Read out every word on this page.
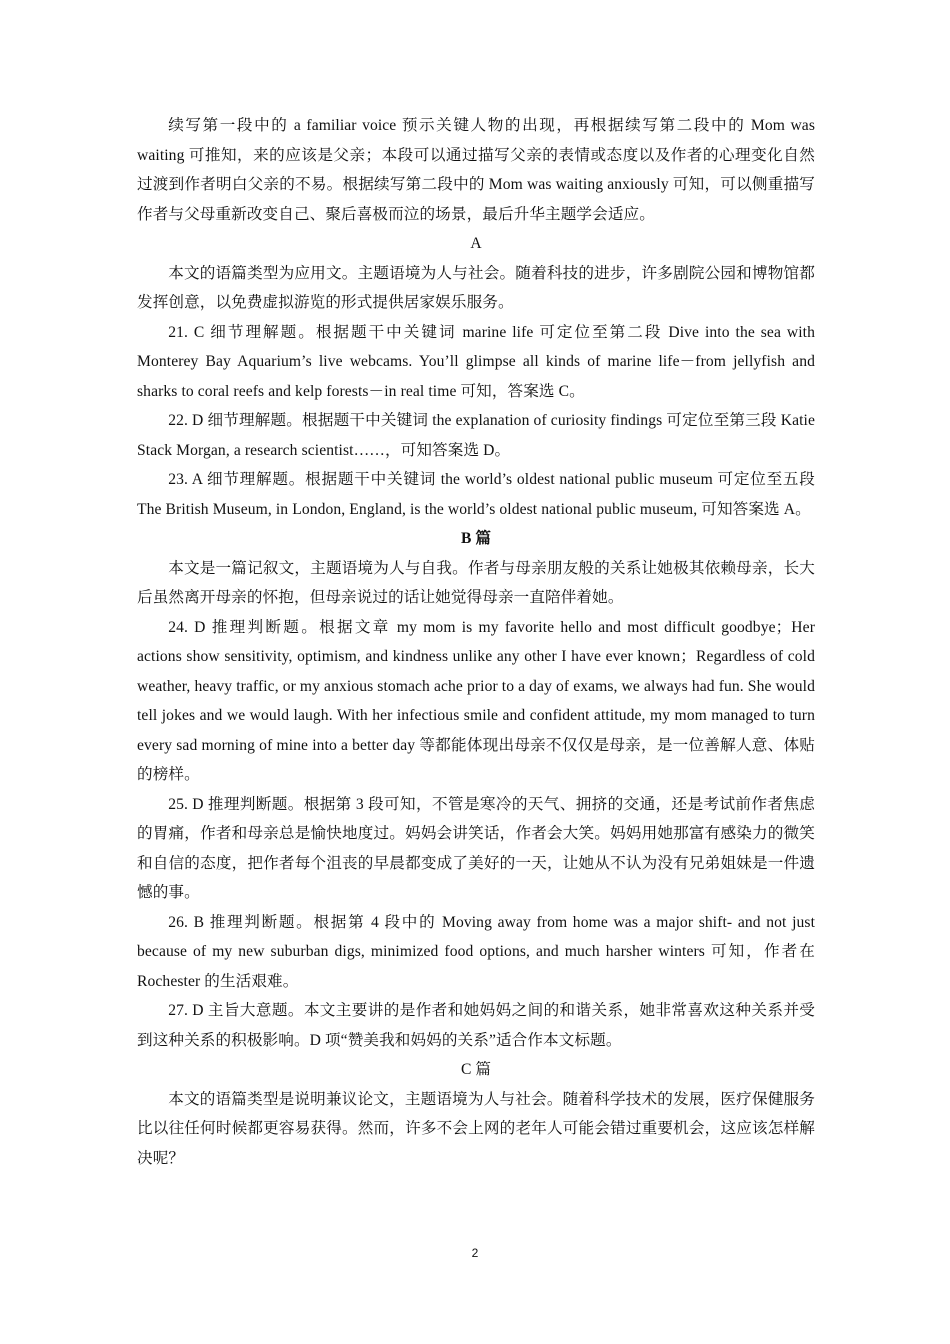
续写第一段中的 a familiar voice 预示关键人物的出现，再根据续写第二段中的 Mom was waiting 可推知，来的应该是父亲；本段可以通过描写父亲的表情或态度以及作者的心理变化自然过渡到作者明白父亲的不易。根据续写第二段中的 Mom was waiting anxiously 可知，可以侧重描写作者与父母重新改变自己、聚后喜极而泣的场景，最后升华主题学会适应。

A

本文的语篇类型为应用文。主题语境为人与社会。随着科技的进步，许多剧院公园和博物馆都发挥创意，以免费虚拟游览的形式提供居家娱乐服务。

21. C 细节理解题。根据题干中关键词 marine life 可定位至第二段 Dive into the sea with Monterey Bay Aquarium’s live webcams. You’ll glimpse all kinds of marine life－from jellyfish and sharks to coral reefs and kelp forests－in real time 可知，答案选 C。

22. D 细节理解题。根据题干中关键词 the explanation of curiosity findings 可定位至第三段 Katie Stack Morgan, a research scientist……，可知答案选 D。

23. A 细节理解题。根据题干中关键词 the world’s oldest national public museum 可定位至五段 The British Museum, in London, England, is the world’s oldest national public museum, 可知答案选 A。

B 篇

本文是一篇记叙文，主题语境为人与自我。作者与母亲朋友般的关系让她极其依赖母亲，长大后虽然离开母亲的怀抱，但母亲说过的话让她觉得母亲一直陪伴着她。

24. D 推理判断题。根据文章 my mom is my favorite hello and most difficult goodbye；Her actions show sensitivity, optimism, and kindness unlike any other I have ever known；Regardless of cold weather, heavy traffic, or my anxious stomach ache prior to a day of exams, we always had fun. She would tell jokes and we would laugh. With her infectious smile and confident attitude, my mom managed to turn every sad morning of mine into a better day 等都能体现出母亲不仅仅是母亲，是一位善解人意、体贴的榜样。

25. D 推理判断题。根据第 3 段可知，不管是寒冷的天气、拥挤的交通，还是考试前作者焦虑的胃痛，作者和母亲总是愉快地度过。妈妈会讲笑话，作者会大笑。妈妈用她那富有感染力的微笑和自信的态度，把作者每个沮丧的早晨都变成了美好的一天，让她从不认为没有兄弟姐妹是一件遗憾的事。

26. B 推理判断题。根据第 4 段中的 Moving away from home was a major shift- and not just because of my new suburban digs, minimized food options, and much harsher winters 可知，作者在 Rochester 的生活艰难。

27. D 主旨大意题。本文主要讲的是作者和她妈妈之间的和谐关系，她非常喜欢这种关系并受到这种关系的积极影响。D 项“赞美我和妈妈的关系”适合作本文标题。

C 篇

本文的语篇类型是说明兼议论文，主题语境为人与社会。随着科学技术的发展，医疗保健服务比以往任何时候都更容易获得。然而，许多不会上网的老年人可能会错过重要机会，这应该怎样解决呢？

2
